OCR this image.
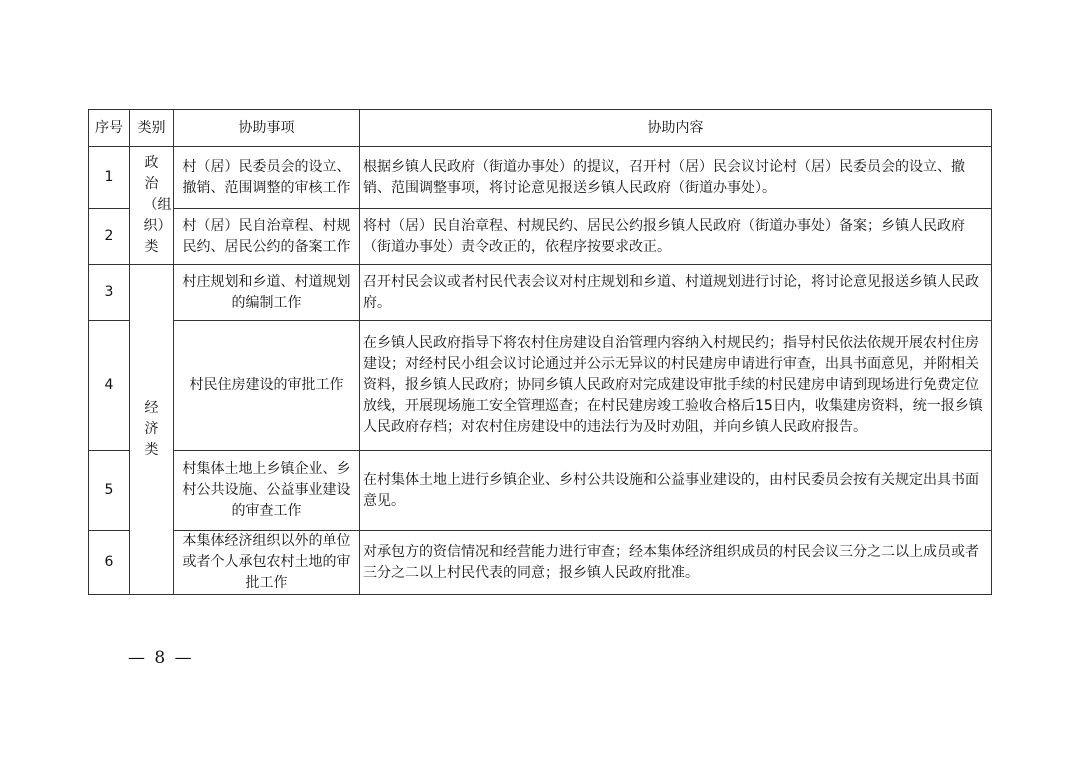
序号	类别	协助事项	协助内容
1	政治（组织）类	村（居）民委员会的设立、撤销、范围调整的审核工作	根据乡镇人民政府（街道办事处）的提议，召开村（居）民会议讨论村（居）民委员会的设立、撤销、范围调整事项，将讨论意见报送乡镇人民政府（街道办事处）。
2		村（居）民自治章程、村规民约、居民公约的备案工作	将村（居）民自治章程、村规民约、居民公约报乡镇人民政府（街道办事处）备案；乡镇人民政府（街道办事处）责令改正的，依程序按要求改正。
3	经济类	村庄规划和乡道、村道规划的编制工作	召开村民会议或者村民代表会议对村庄规划和乡道、村道规划进行讨论，将讨论意见报送乡镇人民政府。
4		村民住房建设的审批工作	在乡镇人民政府指导下将农村住房建设自治管理内容纳入村规民约；指导村民依法依规开展农村住房建设；对经村民小组会议讨论通过并公示无异议的村民建房申请进行审查，出具书面意见，并附相关资料，报乡镇人民政府；协同乡镇人民政府对完成建设审批手续的村民建房申请到现场进行免费定位放线，开展现场施工安全管理巡查；在村民建房竣工验收合格后15日内，收集建房资料，统一报乡镇人民政府存档；对农村住房建设中的违法行为及时劝阻，并向乡镇人民政府报告。
5		村集体土地上乡镇企业、乡村公共设施、公益事业建设的审查工作	在村集体土地上进行乡镇企业、乡村公共设施和公益事业建设的，由村民委员会按有关规定出具书面意见。
6		本集体经济组织以外的单位或者个人承包农村土地的审批工作	对承包方的资信情况和经营能力进行审查；经本集体经济组织成员的村民会议三分之二以上成员或者三分之二以上村民代表的同意；报乡镇人民政府批准。
— 8 —
